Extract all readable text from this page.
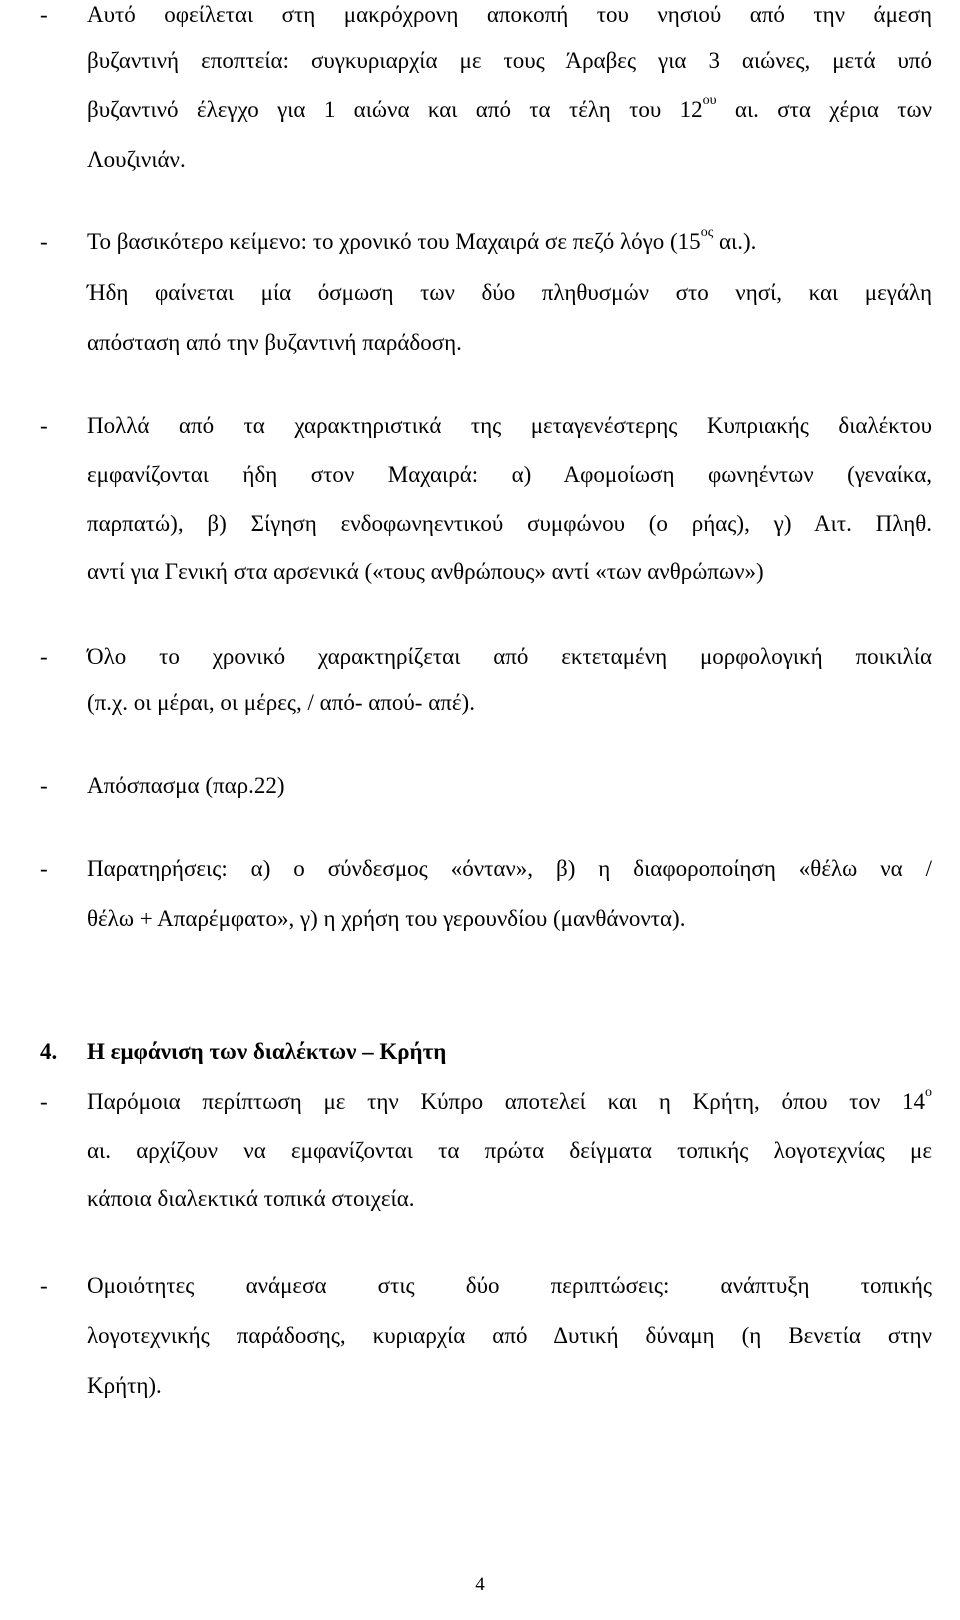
- Αυτό οφείλεται στη μακρόχρονη αποκοπή του νησιού από την άμεση
βυζαντινή εποπτεία: συγκυριαρχία με τους Άραβες για 3 αιώνες, μετά υπό
βυζαντινό έλεγχο για 1 αιώνα και από τα τέλη του $12^{o\upsilon}$ αι. στα χέρια των
Λουζινιάν.
- Το βασικότερο κείμενο: το χρονικό του Μαχαιρά σε πεζό λόγο ($15^{o\varsigma}$ αι.).
Ήδη φαίνεται μία όσμωση των δύο πληθυσμών στο νησί, και μεγάλη
απόσταση από την βυζαντινή παράδοση.
- Πολλά από τα χαρακτηριστικά της μεταγενέστερης Κυπριακής διαλέκτου
εμφανίζονται ήδη στον Μαχαιρά: α) Αφομοίωση φωνηέντων (γεναίκα,
παρπατώ), β) Σίγηση ενδοφωνηεντικού συμφώνου (ο ρήας), γ) Αιτ. Πληθ.
αντί για Γενική στα αρσενικά («τους ανθρώπους» αντί «των ανθρώπων»)
- Όλο το χρονικό χαρακτηρίζεται από εκτεταμένη μορφολογική ποικιλία
(π.χ. οι μέραι, οι μέρες, / από- απού- απέ).
- Απόσπασμα (παρ.22)
- Παρατηρήσεις: α) ο σύνδεσμος «όνταν», β) η διαφοροποίηση «θέλω να /
θέλω + Απαρέμφατο», γ) η χρήση του γερουνδίου (μανθάνοντα).
4. Η εμφάνιση των διαλέκτων – Κρήτη
- Παρόμοια περίπτωση με την Κύπρο αποτελεί και η Κρήτη, όπου τον $14^o$
αι. αρχίζουν να εμφανίζονται τα πρώτα δείγματα τοπικής λογοτεχνίας με
κάποια διαλεκτικά τοπικά στοιχεία.
- Ομοιότητες ανάμεσα στις δύο περιπτώσεις: ανάπτυξη τοπικής
λογοτεχνικής παράδοσης, κυριαρχία από Δυτική δύναμη (η Βενετία στην
Κρήτη).
4
